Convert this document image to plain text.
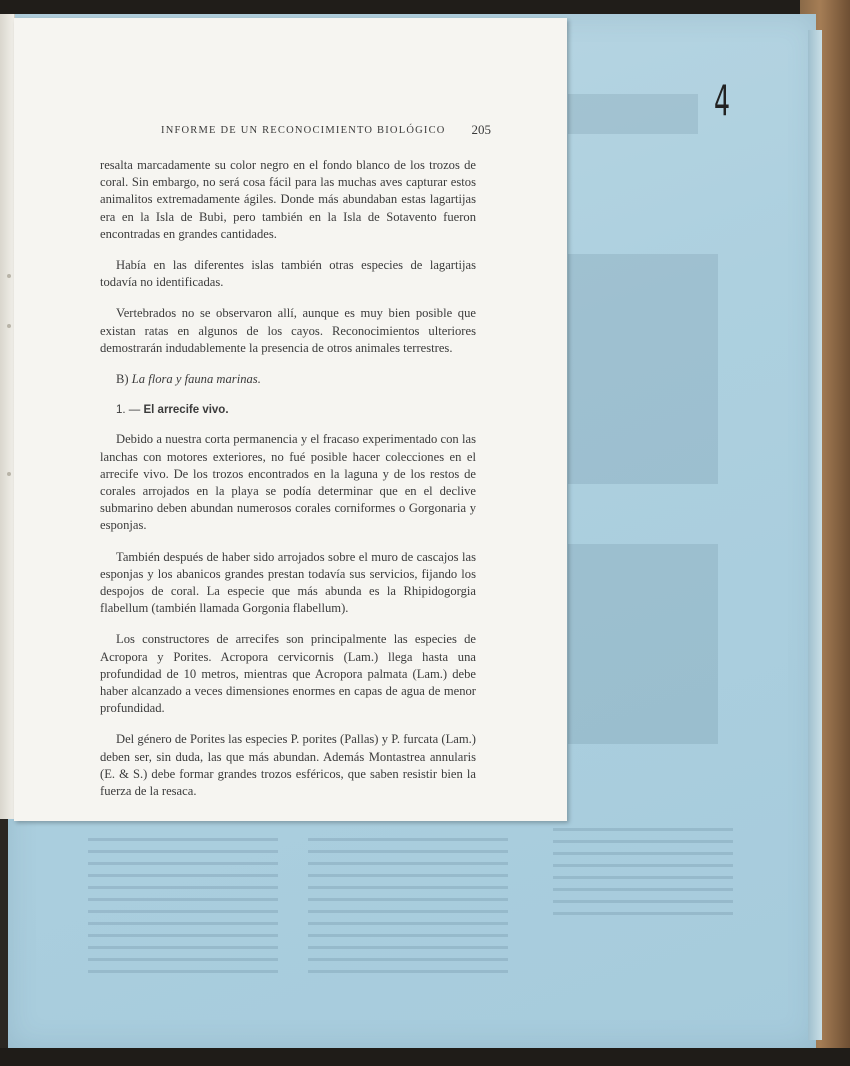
INFORME DE UN RECONOCIMIENTO BIOLÓGICO 205

resalta marcadamente su color negro en el fondo blanco de los trozos de coral. Sin embargo, no será cosa fácil para las muchas aves capturar estos animalitos extremadamente ágiles. Donde más abundaban estas lagartijas era en la Isla de Bubi, pero también en la Isla de Sotavento fueron encontradas en grandes cantidades.

Había en las diferentes islas también otras especies de lagartijas todavía no identificadas.

Vertebrados no se observaron allí, aunque es muy bien posible que existan ratas en algunos de los cayos. Reconocimientos ulteriores demostrarán indudablemente la presencia de otros animales terrestres.

B) La flora y fauna marinas.
1. — El arrecife vivo.

Debido a nuestra corta permanencia y el fracaso experimentado con las lanchas con motores exteriores, no fué posible hacer colecciones en el arrecife vivo. De los trozos encontrados en la laguna y de los restos de corales arrojados en la playa se podía determinar que en el declive submarino deben abundan numerosos corales corniformes o Gorgonaria y esponjas.

También después de haber sido arrojados sobre el muro de cascajos las esponjas y los abanicos grandes prestan todavía sus servicios, fijando los despojos de coral. La especie que más abunda es la Rhipidogorgia flabellum (también llamada Gorgonia flabellum).

Los constructores de arrecifes son principalmente las especies de Acropora y Porites. Acropora cervicornis (Lam.) llega hasta una profundidad de 10 metros, mientras que Acropora palmata (Lam.) debe haber alcanzado a veces dimensiones enormes en capas de agua de menor profundidad.

Del género de Porites las especies P. porites (Pallas) y P. furcata (Lam.) deben ser, sin duda, las que más abundan. Además Montastrea annularis (E. & S.) debe formar grandes trozos esféricos, que saben resistir bien la fuerza de la resaca.

4
